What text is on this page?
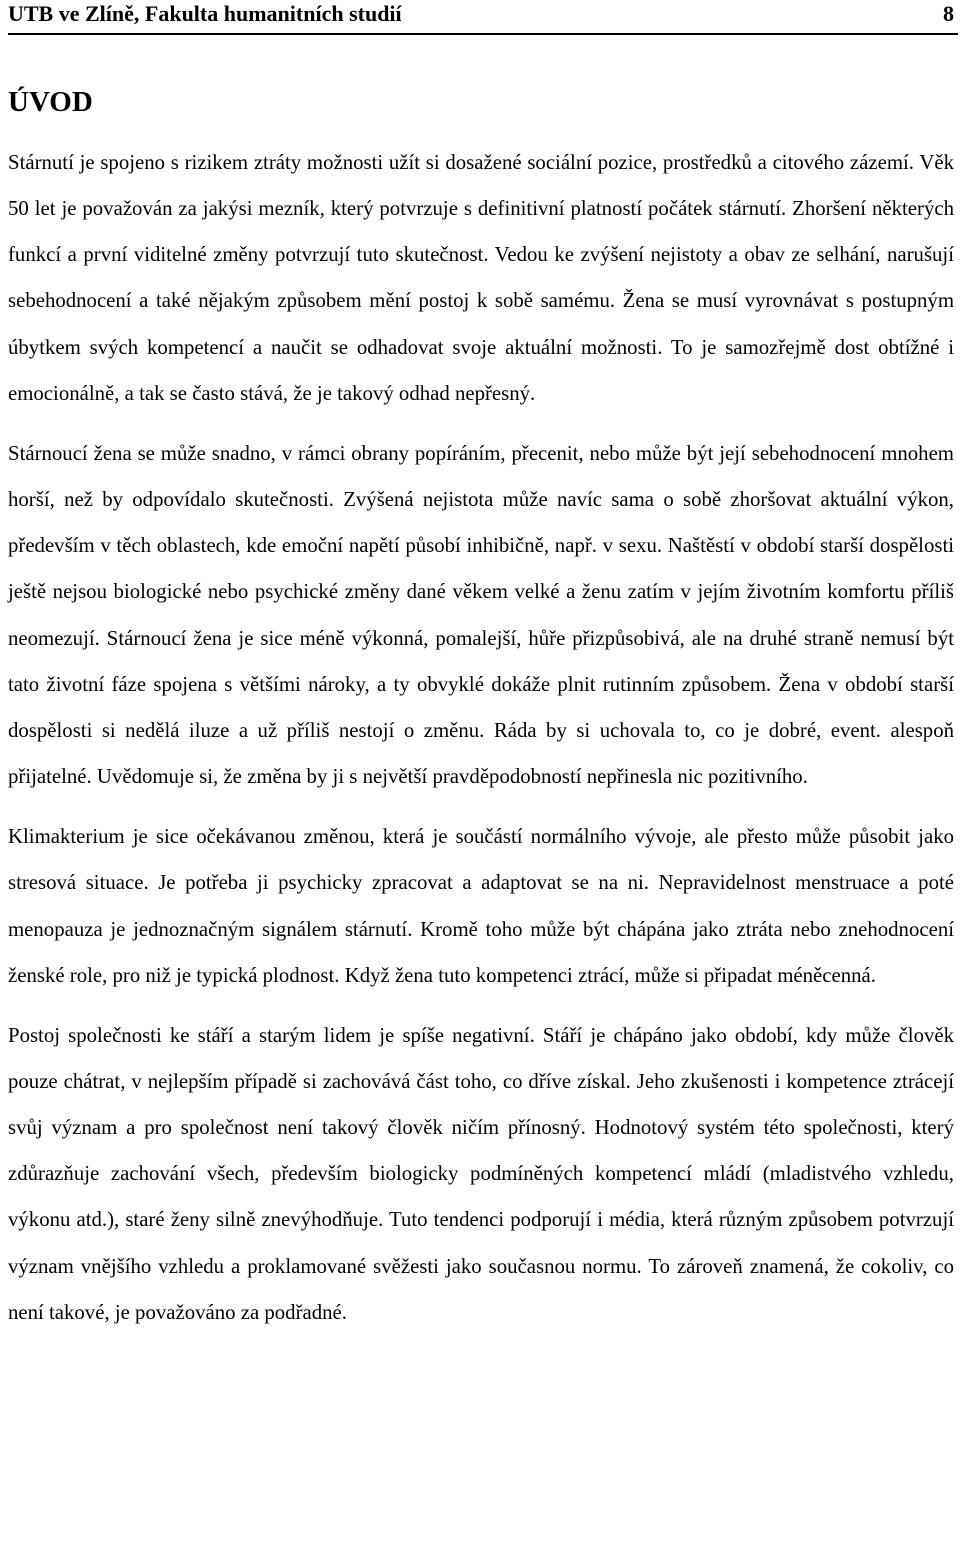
UTB ve Zlíně, Fakulta humanitních studií	8
ÚVOD

Stárnutí je spojeno s rizikem ztráty možnosti užít si dosažené sociální pozice, prostředků a citového zázemí. Věk 50 let je považován za jakýsi mezník, který potvrzuje s definitivní platností počátek stárnutí. Zhoršení některých funkcí a první viditelné změny potvrzují tuto skutečnost. Vedou ke zvýšení nejistoty a obav ze selhání, narušují sebehodnocení a také nějakým způsobem mění postoj k sobě samému. Žena se musí vyrovnávat s postupným úbytkem svých kompetencí a naučit se odhadovat svoje aktuální možnosti. To je samozřejmě dost obtížné i emocionálně, a tak se často stává, že je takový odhad nepřesný.

Stárnoucí žena se může snadno, v rámci obrany popíráním, přecenit, nebo může být její sebehodnocení mnohem horší, než by odpovídalo skutečnosti. Zvýšená nejistota může navíc sama o sobě zhoršovat aktuální výkon, především v těch oblastech, kde emoční napětí působí inhibičně, např. v sexu. Naštěstí v období starší dospělosti ještě nejsou biologické nebo psychické změny dané věkem velké a ženu zatím v jejím životním komfortu příliš neomezují. Stárnoucí žena je sice méně výkonná, pomalejší, hůře přizpůsobivá, ale na druhé straně nemusí být tato životní fáze spojena s většími nároky, a ty obvyklé dokáže plnit rutinním způsobem. Žena v období starší dospělosti si nedělá iluze a už příliš nestojí o změnu. Ráda by si uchovala to, co je dobré, event. alespoň přijatelné. Uvědomuje si, že změna by ji s největší pravděpodobností nepřinesla nic pozitivního.

Klimakterium je sice očekávanou změnou, která je součástí normálního vývoje, ale přesto může působit jako stresová situace. Je potřeba ji psychicky zpracovat a adaptovat se na ni. Nepravidelnost menstruace a poté menopauza je jednoznačným signálem stárnutí. Kromě toho může být chápána jako ztráta nebo znehodnocení ženské role, pro niž je typická plodnost. Když žena tuto kompetenci ztrácí, může si připadat méněcenná.

Postoj společnosti ke stáří a starým lidem je spíše negativní. Stáří je chápáno jako období, kdy může člověk pouze chátrat, v nejlepším případě si zachovává část toho, co dříve získal. Jeho zkušenosti i kompetence ztrácejí svůj význam a pro společnost není takový člověk ničím přínosný. Hodnotový systém této společnosti, který zdůrazňuje zachování všech, především biologicky podmíněných kompetencí mládí (mladistvého vzhledu, výkonu atd.), staré ženy silně znevýhodňuje. Tuto tendenci podporují i média, která různým způsobem potvrzují význam vnějšího vzhledu a proklamované svěžesti jako současnou normu. To zároveň znamená, že cokoliv, co není takové, je považováno za podřadné.
